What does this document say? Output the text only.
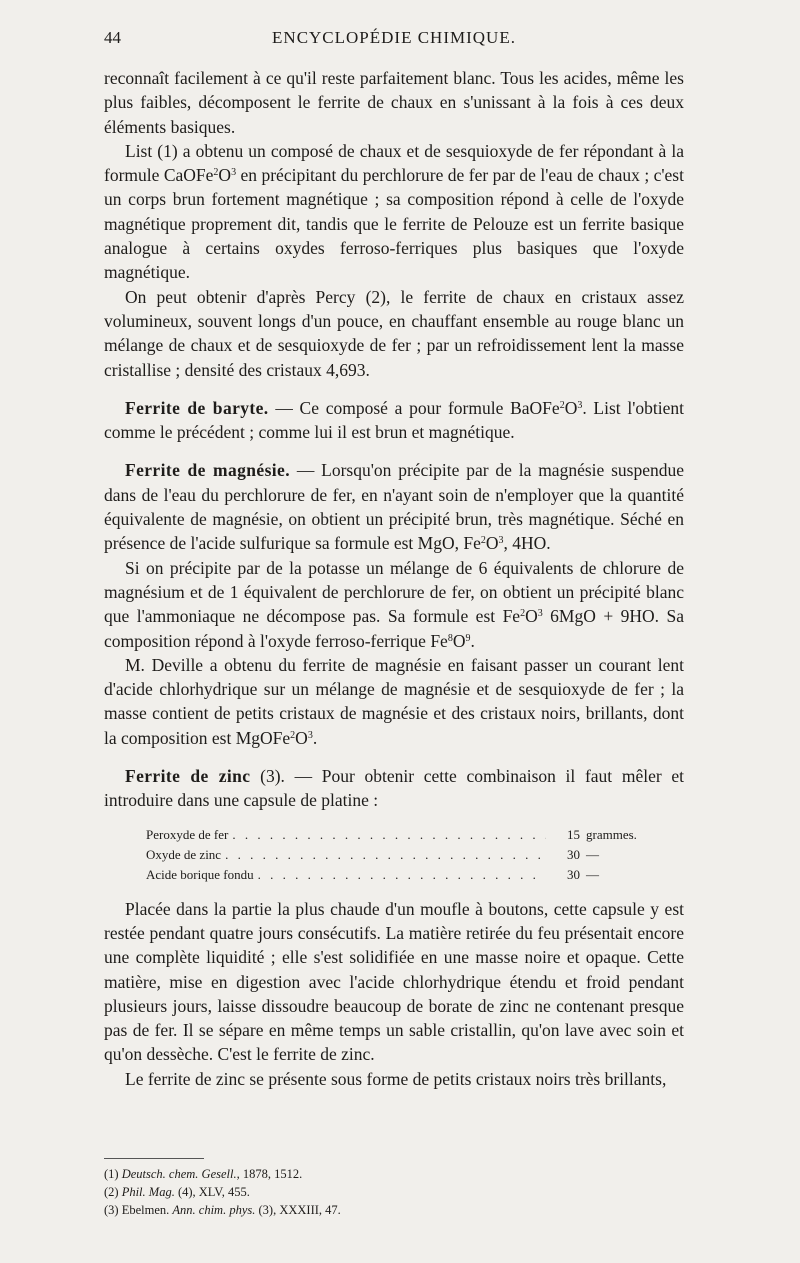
44	ENCYCLOPÉDIE CHIMIQUE.

reconnaît facilement à ce qu'il reste parfaitement blanc. Tous les acides, même les plus faibles, décomposent le ferrite de chaux en s'unissant à la fois à ces deux éléments basiques.

List (1) a obtenu un composé de chaux et de sesquioxyde de fer répondant à la formule $CaOFe^2O^3$ en précipitant du perchlorure de fer par de l'eau de chaux ; c'est un corps brun fortement magnétique ; sa composition répond à celle de l'oxyde magnétique proprement dit, tandis que le ferrite de Pelouze est un ferrite basique analogue à certains oxydes ferroso-ferriques plus basiques que l'oxyde magnétique.

On peut obtenir d'après Percy (2), le ferrite de chaux en cristaux assez volumineux, souvent longs d'un pouce, en chauffant ensemble au rouge blanc un mélange de chaux et de sesquioxyde de fer ; par un refroidissement lent la masse cristallise ; densité des cristaux 4,693.

Ferrite de baryte. — Ce composé a pour formule $BaOFe^2O^3$. List l'obtient comme le précédent ; comme lui il est brun et magnétique.

Ferrite de magnésie. — Lorsqu'on précipite par de la magnésie suspendue dans de l'eau du perchlorure de fer, en n'ayant soin de n'employer que la quantité équivalente de magnésie, on obtient un précipité brun, très magnétique. Séché en présence de l'acide sulfurique sa formule est MgO, $Fe^2O^3$, 4HO.

Si on précipite par de la potasse un mélange de 6 équivalents de chlorure de magnésium et de 1 équivalent de perchlorure de fer, on obtient un précipité blanc que l'ammoniaque ne décompose pas. Sa formule est $Fe^2O^3$ 6MgO + 9HO. Sa composition répond à l'oxyde ferroso-ferrique $Fe^8O^9$.

M. Deville a obtenu du ferrite de magnésie en faisant passer un courant lent d'acide chlorhydrique sur un mélange de magnésie et de sesquioxyde de fer ; la masse contient de petits cristaux de magnésie et des cristaux noirs, brillants, dont la composition est $MgOFe^2O^3$.

Ferrite de zinc (3). — Pour obtenir cette combinaison il faut mêler et introduire dans une capsule de platine :

Peroxyde de fer . . .	15 grammes.
Oxyde de zinc . . .	30 —
Acide borique fondu . . .	30 —

Placée dans la partie la plus chaude d'un moufle à boutons, cette capsule y est restée pendant quatre jours consécutifs. La matière retirée du feu présentait encore une complète liquidité ; elle s'est solidifiée en une masse noire et opaque. Cette matière, mise en digestion avec l'acide chlorhydrique étendu et froid pendant plusieurs jours, laisse dissoudre beaucoup de borate de zinc ne contenant presque pas de fer. Il se sépare en même temps un sable cristallin, qu'on lave avec soin et qu'on dessèche. C'est le ferrite de zinc.

Le ferrite de zinc se présente sous forme de petits cristaux noirs très brillants,

(1) Deutsch. chem. Gesell., 1878, 1512.
(2) Phil. Mag. (4), XLV, 455.
(3) Ebelmen. Ann. chim. phys. (3), XXXIII, 47.
